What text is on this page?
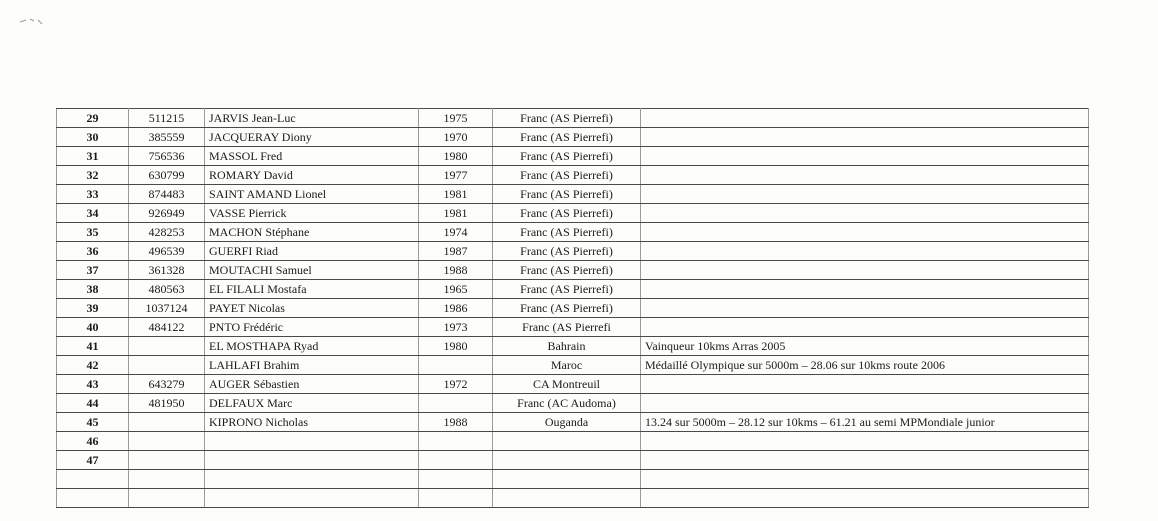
29	511215	JARVIS Jean-Luc	1975	Franc (AS Pierrefi)	
30	385559	JACQUERAY Diony	1970	Franc (AS Pierrefi)	
31	756536	MASSOL Fred	1980	Franc (AS Pierrefi)	
32	630799	ROMARY David	1977	Franc (AS Pierrefi)	
33	874483	SAINT AMAND Lionel	1981	Franc (AS Pierrefi)	
34	926949	VASSE Pierrick	1981	Franc (AS Pierrefi)	
35	428253	MACHON Stéphane	1974	Franc (AS Pierrefi)	
36	496539	GUERFI Riad	1987	Franc (AS Pierrefi)	
37	361328	MOUTACHI Samuel	1988	Franc (AS Pierrefi)	
38	480563	EL FILALI Mostafa	1965	Franc (AS Pierrefi)	
39	1037124	PAYET Nicolas	1986	Franc (AS Pierrefi)	
40	484122	PNTO Frédéric	1973	Franc (AS Pierrefi	
41		EL MOSTHAPA Ryad	1980	Bahrain	Vainqueur 10kms Arras 2005
42		LAHLAFI Brahim		Maroc	Médaillé Olympique sur 5000m – 28.06 sur 10kms route 2006
43	643279	AUGER Sébastien	1972	CA Montreuil	
44	481950	DELFAUX Marc		Franc (AC Audoma)	
45		KIPRONO Nicholas	1988	Ouganda	13.24 sur 5000m – 28.12 sur 10kms – 61.21 au semi MPMondiale junior
46					
47					
